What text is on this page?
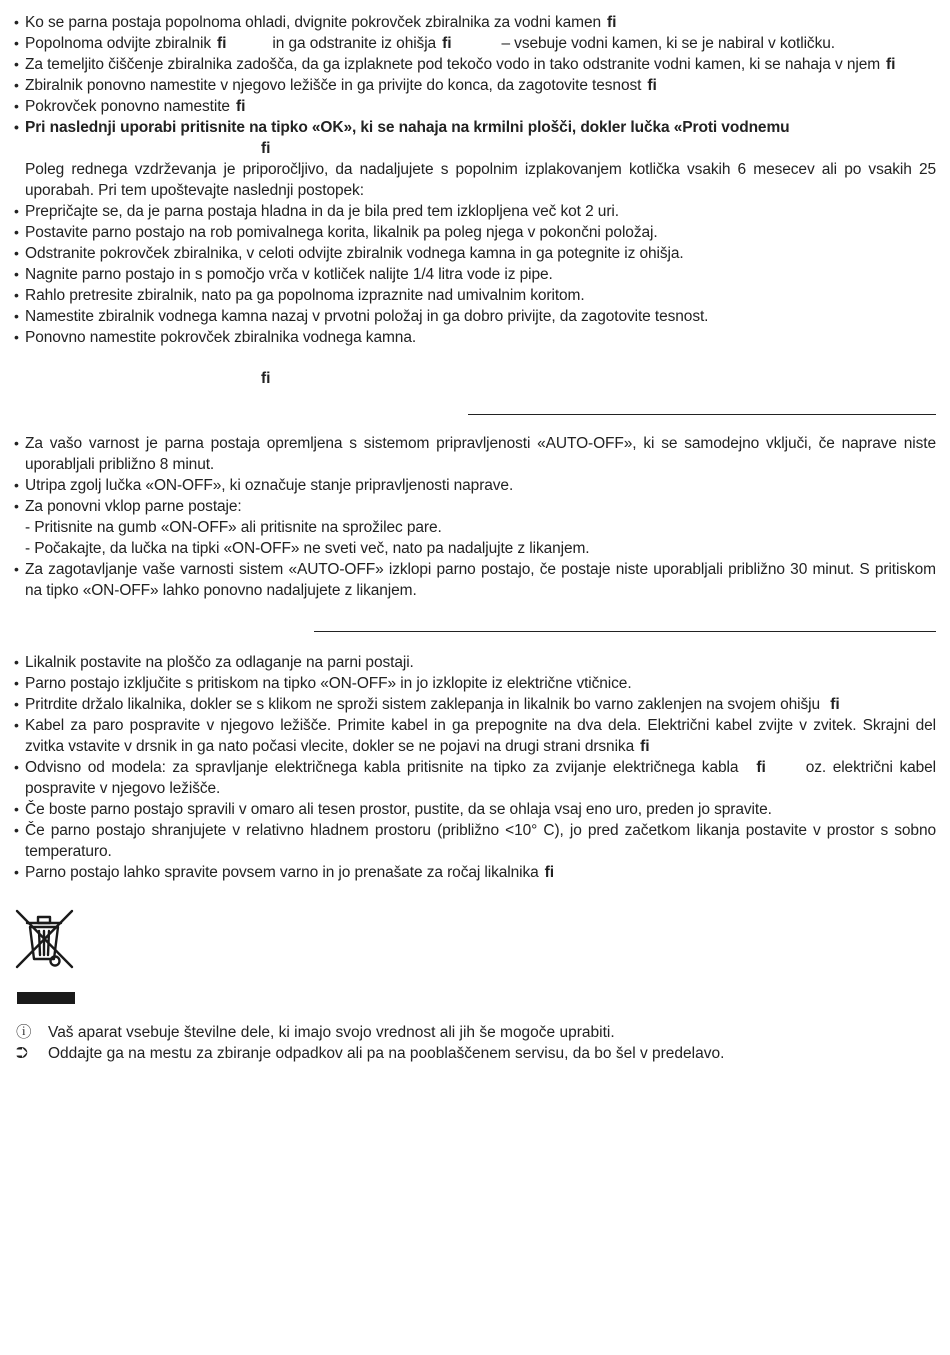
• Ko se parna postaja popolnoma ohladi, dvignite pokrovček zbiralnika za vodni kamen ﬁ
• Popolnoma odvijte zbiralnik ﬁ	in ga odstranite iz ohišja ﬁ	– vsebuje vodni kamen, ki se je nabiral v kotličku.
• Za temeljito čiščenje zbiralnika zadošča, da ga izplaknete pod tekočo vodo in tako odstranite vodni kamen, ki se nahaja v njem ﬁ
• Zbiralnik ponovno namestite v njegovo ležišče in ga privijte do konca, da zagotovite tesnost ﬁ
• Pokrovček ponovno namestite ﬁ
• Pri naslednji uporabi pritisnite na tipko «OK», ki se nahaja na krmilni plošči, dokler lučka «Proti vodnemu
ﬁ

Poleg rednega vzdrževanja je priporočljivo, da nadaljujete s popolnim izplakovanjem kotlička vsakih 6 mesecev ali po vsakih 25 uporabah. Pri tem upoštevajte naslednji postopek:

• Prepričajte se, da je parna postaja hladna in da je bila pred tem izklopljena več kot 2 uri.
• Postavite parno postajo na rob pomivalnega korita, likalnik pa poleg njega v pokončni položaj.
• Odstranite pokrovček zbiralnika, v celoti odvijte zbiralnik vodnega kamna in ga potegnite iz ohišja.
• Nagnite parno postajo in s pomočjo vrča v kotliček nalijte 1/4 litra vode iz pipe.
• Rahlo pretresite zbiralnik, nato pa ga popolnoma izpraznite nad umivalnim koritom.
• Namestite zbiralnik vodnega kamna nazaj v prvotni položaj in ga dobro privijte, da zagotovite tesnost.
• Ponovno namestite pokrovček zbiralnika vodnega kamna.
ﬁ
• Za vašo varnost je parna postaja opremljena s sistemom pripravljenosti «AUTO-OFF», ki se samodejno vključi, če naprave niste uporabljali približno 8 minut.
• Utripa zgolj lučka «ON-OFF», ki označuje stanje pripravljenosti naprave.
• Za ponovni vklop parne postaje:
- Pritisnite na gumb «ON-OFF» ali pritisnite na sprožilec pare.
- Počakajte, da lučka na tipki «ON-OFF» ne sveti več, nato pa nadaljujte z likanjem.
• Za zagotavljanje vaše varnosti sistem «AUTO-OFF» izklopi parno postajo, če postaje niste uporabljali približno 30 minut. S pritiskom na tipko «ON-OFF» lahko ponovno nadaljujete z likanjem.
• Likalnik postavite na ploščo za odlaganje na parni postaji.
• Parno postajo izključite s pritiskom na tipko «ON-OFF» in jo izklopite iz električne vtičnice.
• Pritrdite držalo likalnika, dokler se s klikom ne sproži sistem zaklepanja in likalnik bo varno zaklenjen na svojem ohišju ﬁ
• Kabel za paro pospravite v njegovo ležišče. Primite kabel in ga prepognite na dva dela. Električni kabel zvijte v zvitek. Skrajni del zvitka vstavite v drsnik in ga nato počasi vlecite, dokler se ne pojavi na drugi strani drsnika ﬁ
• Odvisno od modela: za spravljanje električnega kabla pritisnite na tipko za zvijanje električnega kabla ﬁ	oz. električni kabel pospravite v njegovo ležišče.
• Če boste parno postajo spravili v omaro ali tesen prostor, pustite, da se ohlaja vsaj eno uro, preden jo spravite.
• Če parno postajo shranjujete v relativno hladnem prostoru (približno <10° C), jo pred začetkom likanja postavite v prostor s sobno temperaturo.
• Parno postajo lahko spravite povsem varno in jo prenašate za ročaj likalnika ﬁ
ⓘ	Vaš aparat vsebuje številne dele, ki imajo svojo vrednost ali jih še mogoče uprabiti.
⮊	Oddajte ga na mestu za zbiranje odpadkov ali pa na pooblaščenem servisu, da bo šel v predelavo.
